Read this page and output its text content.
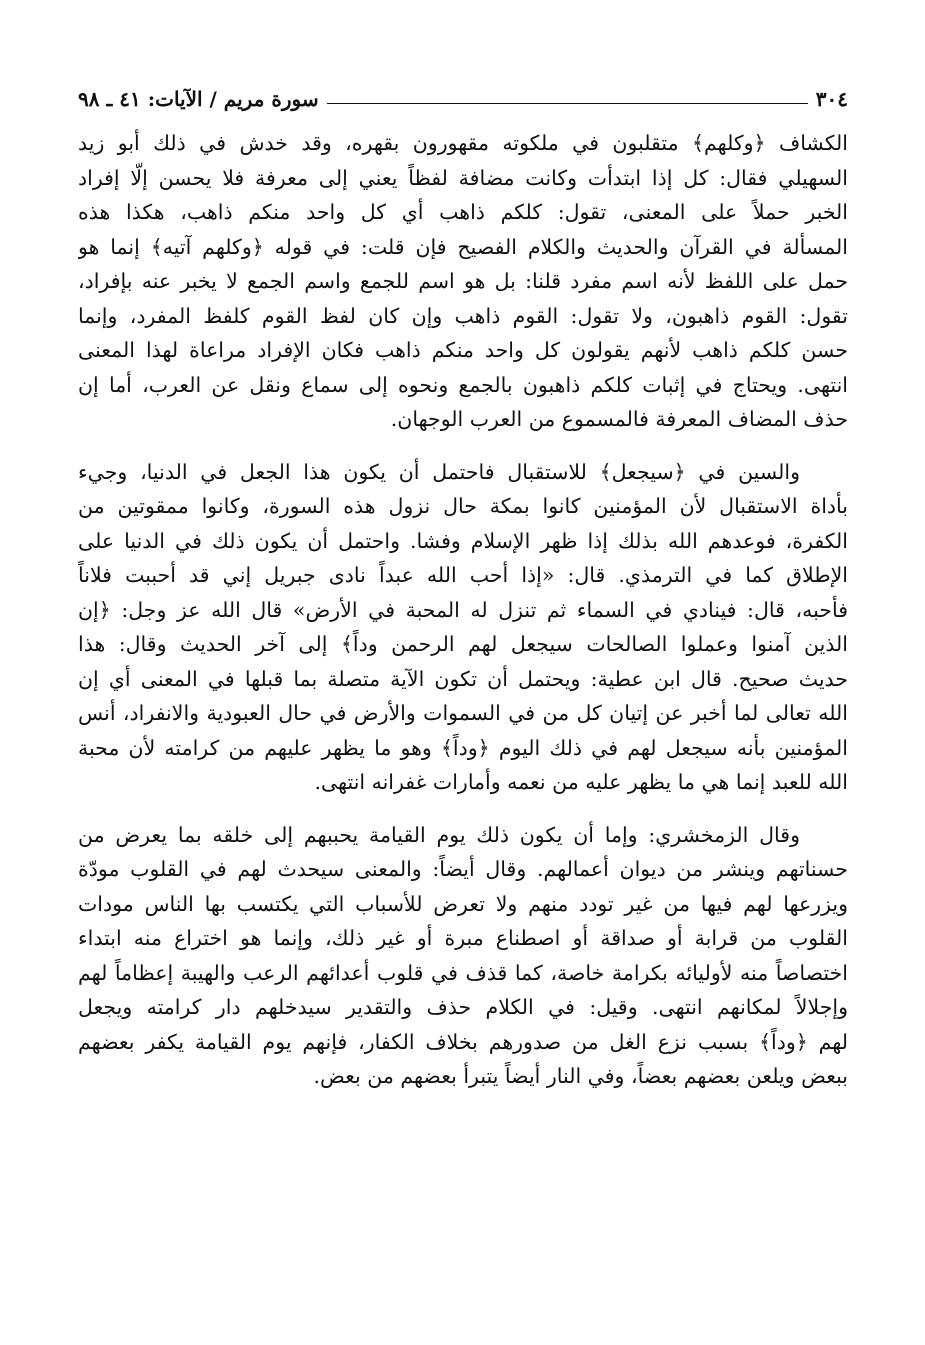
٣٠٤
سورة مريم / الآيات: ٤١ ـ ٩٨

الكشاف ﴿وكلهم﴾ متقلبون في ملكوته مقهورون بقهره، وقد خدش في ذلك أبو زيد
السهيلي فقال: كل إذا ابتدأت وكانت مضافة لفظاً يعني إلى معرفة فلا يحسن إلّا إفراد
الخبر حملاً على المعنى، تقول: كلكم ذاهب أي كل واحد منكم ذاهب، هكذا هذه
المسألة في القرآن والحديث والكلام الفصيح فإن قلت: في قوله ﴿وكلهم آتيه﴾ إنما هو
حمل على اللفظ لأنه اسم مفرد قلنا: بل هو اسم للجمع واسم الجمع لا يخبر عنه بإفراد،
تقول: القوم ذاهبون، ولا تقول: القوم ذاهب وإن كان لفظ القوم كلفظ المفرد، وإنما
حسن كلكم ذاهب لأنهم يقولون كل واحد منكم ذاهب فكان الإفراد مراعاة لهذا المعنى
انتهى. ويحتاج في إثبات كلكم ذاهبون بالجمع ونحوه إلى سماع ونقل عن العرب، أما إن
حذف المضاف المعرفة فالمسموع من العرب الوجهان.

والسين في ﴿سيجعل﴾ للاستقبال فاحتمل أن يكون هذا الجعل في الدنيا، وجيء
بأداة الاستقبال لأن المؤمنين كانوا بمكة حال نزول هذه السورة، وكانوا ممقوتين من
الكفرة، فوعدهم الله بذلك إذا ظهر الإسلام وفشا. واحتمل أن يكون ذلك في الدنيا على
الإطلاق كما في الترمذي. قال: «إذا أحب الله عبداً نادى جبريل إني قد أحببت فلاناً
فأحبه، قال: فينادي في السماء ثم تنزل له المحبة في الأرض» قال الله عز وجل: ﴿إن
الذين آمنوا وعملوا الصالحات سيجعل لهم الرحمن وداً﴾ إلى آخر الحديث وقال: هذا
حديث صحيح. قال ابن عطية: ويحتمل أن تكون الآية متصلة بما قبلها في المعنى أي إن
الله تعالى لما أخبر عن إتيان كل من في السموات والأرض في حال العبودية والانفراد، أنس
المؤمنين بأنه سيجعل لهم في ذلك اليوم ﴿وداً﴾ وهو ما يظهر عليهم من كرامته لأن محبة
الله للعبد إنما هي ما يظهر عليه من نعمه وأمارات غفرانه انتهى.

وقال الزمخشري: وإما أن يكون ذلك يوم القيامة يحببهم إلى خلقه بما يعرض من
حسناتهم وينشر من ديوان أعمالهم. وقال أيضاً: والمعنى سيحدث لهم في القلوب مودّة
ويزرعها لهم فيها من غير تودد منهم ولا تعرض للأسباب التي يكتسب بها الناس مودات
القلوب من قرابة أو صداقة أو اصطناع مبرة أو غير ذلك، وإنما هو اختراع منه ابتداء
اختصاصاً منه لأوليائه بكرامة خاصة، كما قذف في قلوب أعدائهم الرعب والهيبة إعظاماً لهم
وإجلالاً لمكانهم انتهى. وقيل: في الكلام حذف والتقدير سيدخلهم دار كرامته ويجعل
لهم ﴿وداً﴾ بسبب نزع الغل من صدورهم بخلاف الكفار، فإنهم يوم القيامة يكفر بعضهم
ببعض ويلعن بعضهم بعضاً، وفي النار أيضاً يتبرأ بعضهم من بعض.
